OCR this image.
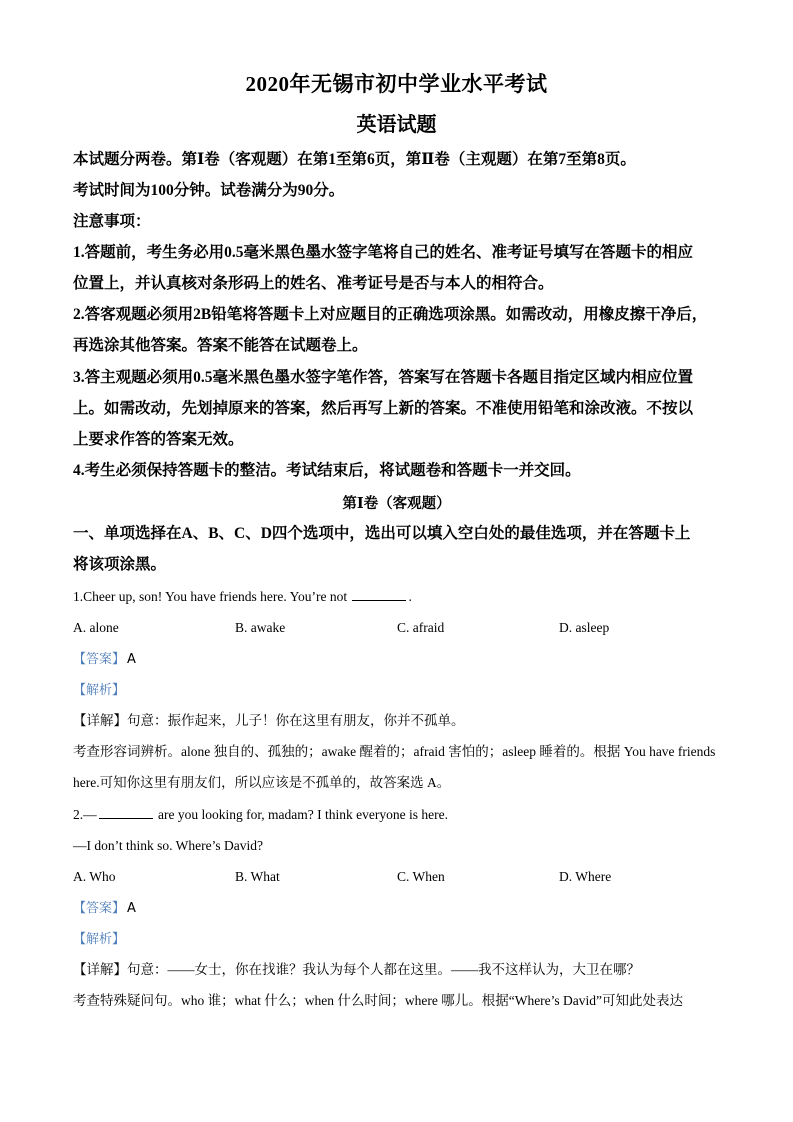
2020年无锡市初中学业水平考试
英语试题
本试题分两卷。第Ⅰ卷（客观题）在第1至第6页，第Ⅱ卷（主观题）在第7至第8页。
考试时间为100分钟。试卷满分为90分。
注意事项：
1.答题前，考生务必用0.5毫米黑色墨水签字笔将自己的姓名、准考证号填写在答题卡的相应
位置上，并认真核对条形码上的姓名、准考证号是否与本人的相符合。
2.答客观题必须用2B铅笔将答题卡上对应题目的正确选项涂黑。如需改动，用橡皮擦干净后，
再选涂其他答案。答案不能答在试题卷上。
3.答主观题必须用0.5毫米黑色墨水签字笔作答，答案写在答题卡各题目指定区域内相应位置
上。如需改动，先划掉原来的答案，然后再写上新的答案。不准使用铅笔和涂改液。不按以
上要求作答的答案无效。
4.考生必须保持答题卡的整洁。考试结束后，将试题卷和答题卡一并交回。
第Ⅰ卷（客观题）
一、单项选择在A、B、C、D四个选项中，选出可以填入空白处的最佳选项，并在答题卡上
将该项涂黑。
1.Cheer up, son! You have friends here. You’re not	.
A. alone	B. awake	C. afraid	D. asleep
【答案】 A
【解析】
【详解】句意：振作起来，儿子！你在这里有朋友，你并不孤单。
考查形容词辨析。alone 独自的、孤独的；awake 醒着的；afraid 害怕的；asleep 睡着的。根据 You have friends
here.可知你这里有朋友们，所以应该是不孤单的，故答案选 A。
2.—	are you looking for, madam? I think everyone is here.
—I don’t think so. Where’s David?
A. Who	B. What	C. When	D. Where
【答案】 A
【解析】
【详解】句意：——女士，你在找谁？我认为每个人都在这里。——我不这样认为，大卫在哪？
考查特殊疑问句。who 谁；what 什么；when 什么时间；where 哪儿。根据“Where’s David”可知此处表达
